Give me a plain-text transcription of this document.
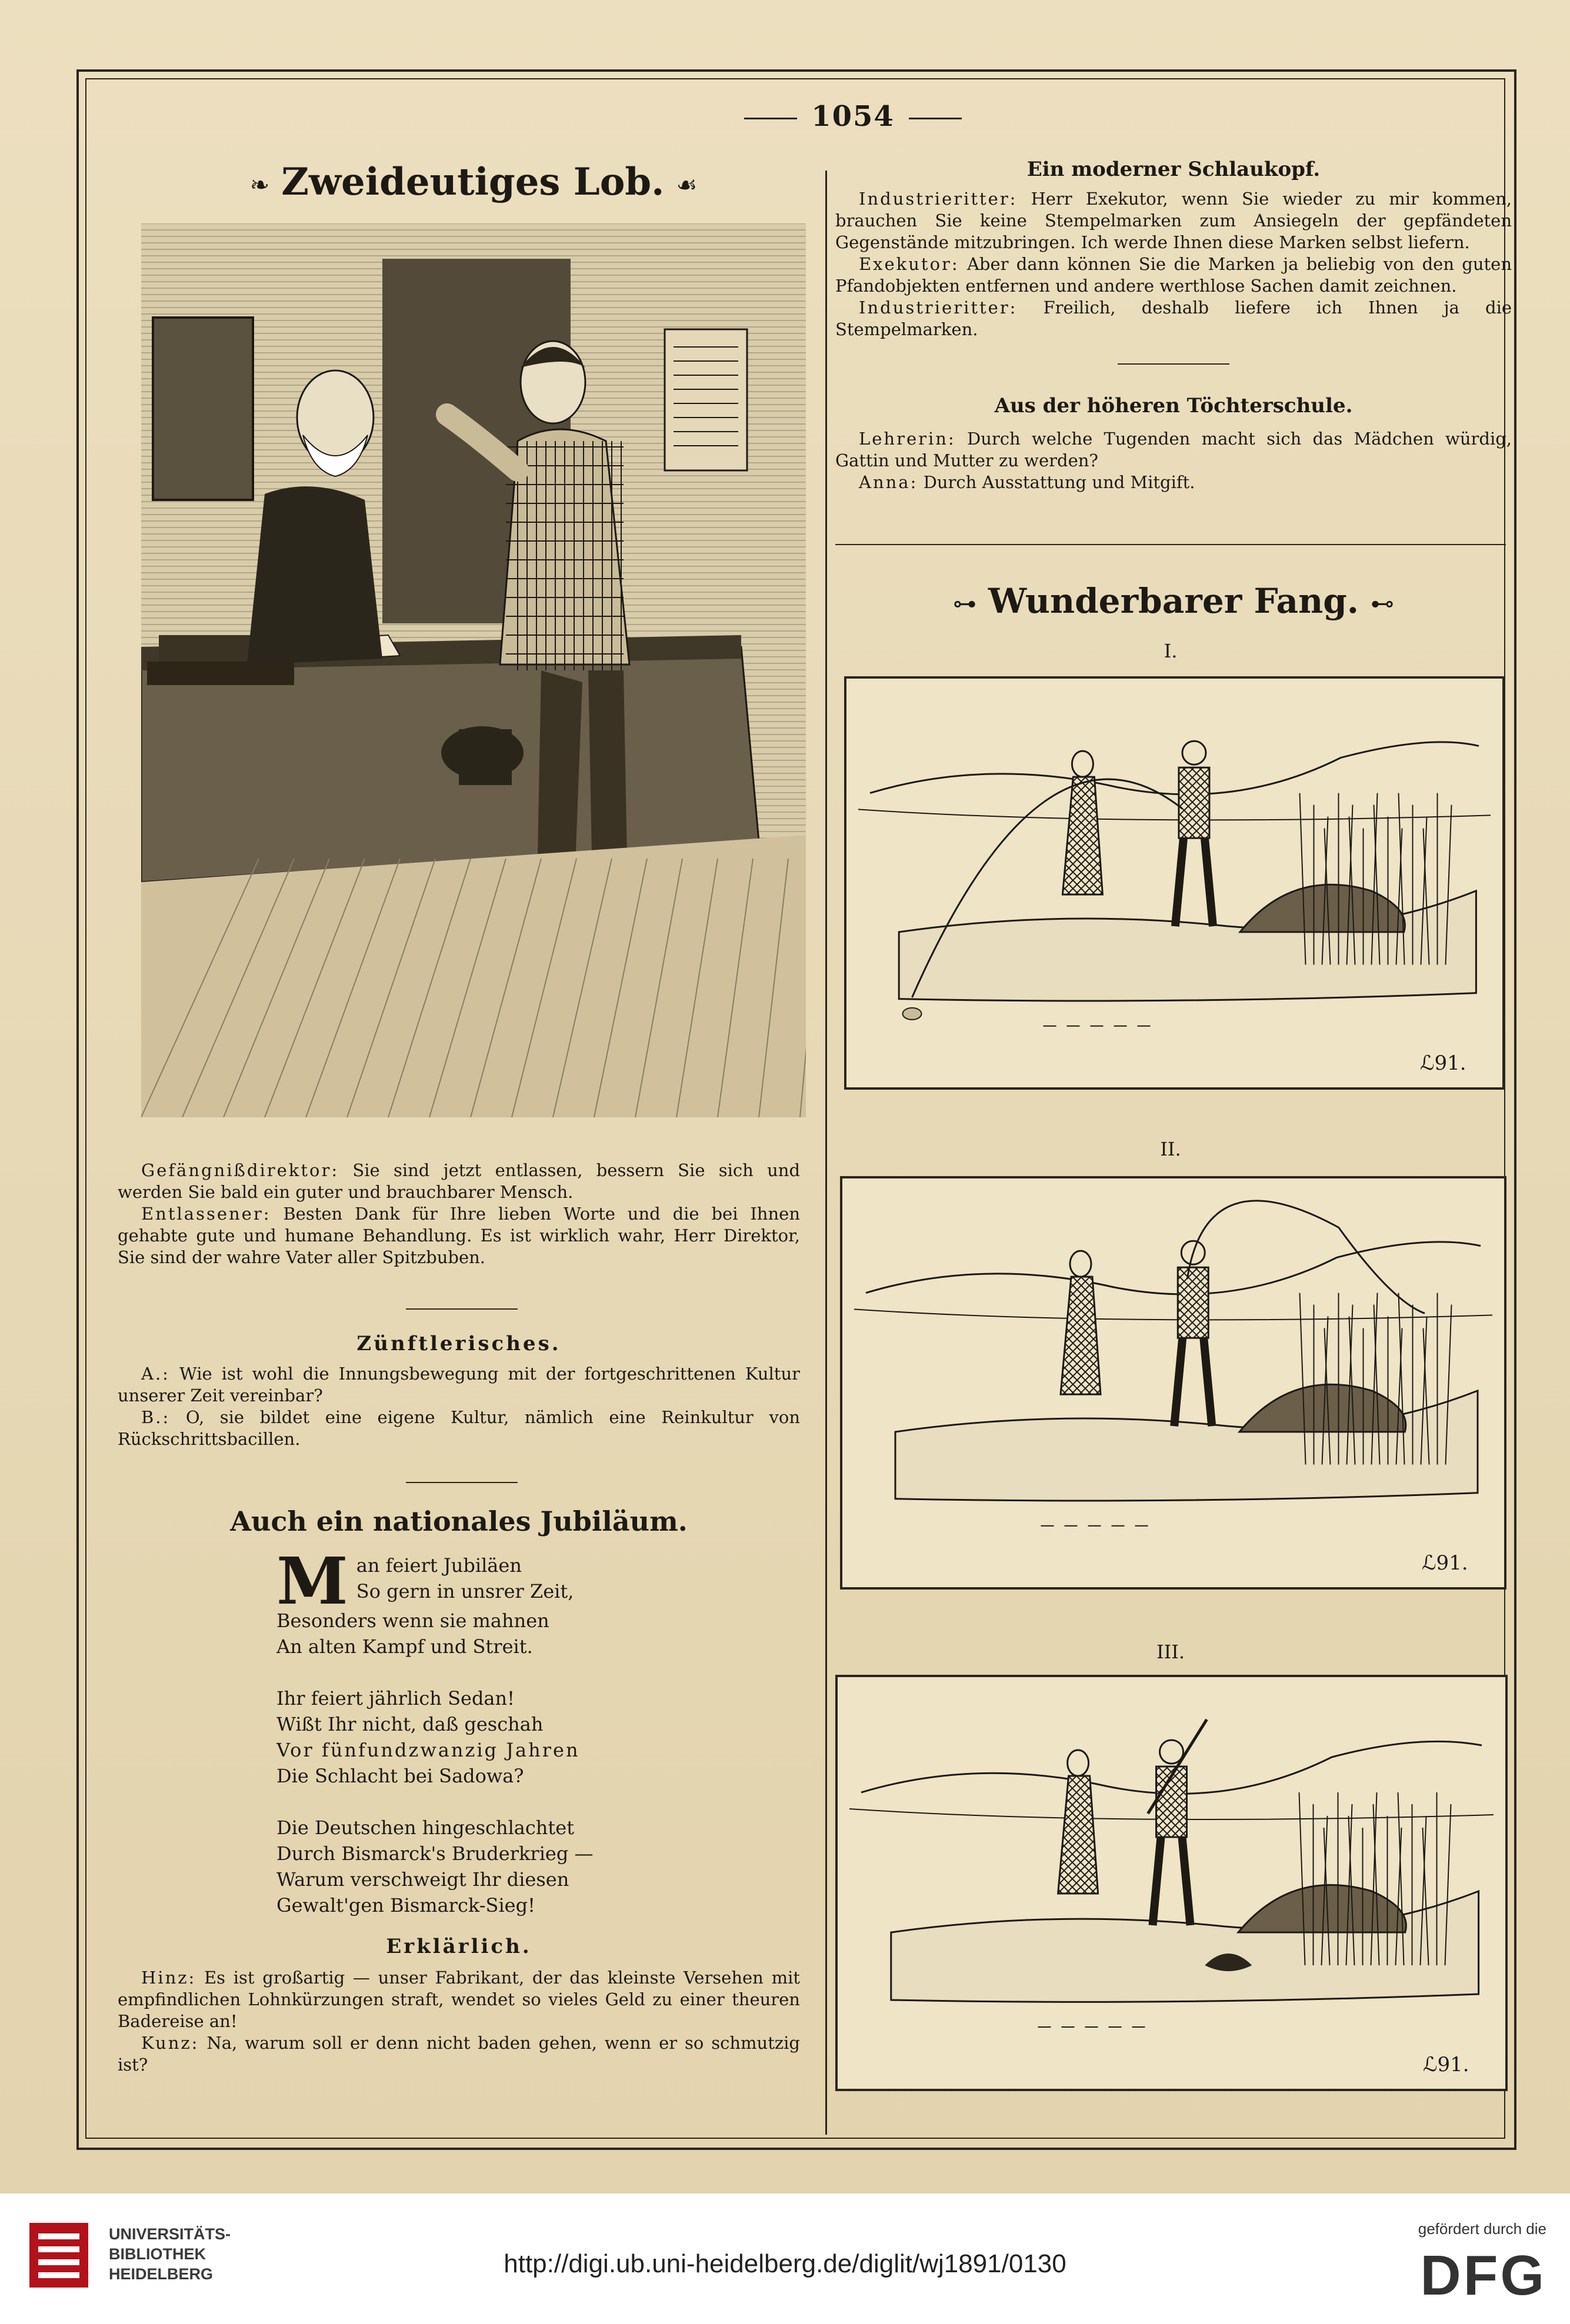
1054
❧ Zweideutiges Lob. ☙

Gefängnißdirektor: Sie sind jetzt entlassen, bessern Sie sich und werden Sie bald ein guter und brauchbarer Mensch.

Entlassener: Besten Dank für Ihre lieben Worte und die bei Ihnen gehabte gute und humane Behandlung. Es ist wirklich wahr, Herr Direktor, Sie sind der wahre Vater aller Spitzbuben.

Zünftlerisches.

A.: Wie ist wohl die Innungsbewegung mit der fortgeschrittenen Kultur unserer Zeit vereinbar?

B.: O, sie bildet eine eigene Kultur, nämlich eine Reinkultur von Rückschrittsbacillen.

Auch ein nationales Jubiläum.
M an feiert Jubiläen
So gern in unsrer Zeit,
Besonders wenn sie mahnen
An alten Kampf und Streit.
Ihr feiert jährlich Sedan!
Wißt Ihr nicht, daß geschah
Vor fünfundzwanzig Jahren
Die Schlacht bei Sadowa?
Die Deutschen hingeschlachtet
Durch Bismarck's Bruderkrieg —
Warum verschweigt Ihr diesen
Gewalt'gen Bismarck-Sieg!
Erklärlich.

Hinz: Es ist großartig — unser Fabrikant, der das kleinste Versehen mit empfindlichen Lohnkürzungen straft, wendet so vieles Geld zu einer theuren Badereise an!

Kunz: Na, warum soll er denn nicht baden gehen, wenn er so schmutzig ist?

Ein moderner Schlaukopf.

Industrieritter: Herr Exekutor, wenn Sie wieder zu mir kommen, brauchen Sie keine Stempelmarken zum Ansiegeln der gepfändeten Gegenstände mitzubringen. Ich werde Ihnen diese Marken selbst liefern.

Exekutor: Aber dann können Sie die Marken ja beliebig von den guten Pfandobjekten entfernen und andere werthlose Sachen damit zeichnen.

Industrieritter: Freilich, deshalb liefere ich Ihnen ja die Stempelmarken.

Aus der höheren Töchterschule.

Lehrerin: Durch welche Tugenden macht sich das Mädchen würdig, Gattin und Mutter zu werden?

Anna: Durch Ausstattung und Mitgift.

⊶ Wunderbarer Fang. ⊷
I.
ℒ91.
II.
ℒ91.
III.
ℒ91.
UNIVERSITÄTS-
BIBLIOTHEK
HEIDELBERG	http://digi.ub.uni-heidelberg.de/diglit/wj1891/0130
gefördert durch die
DFG
